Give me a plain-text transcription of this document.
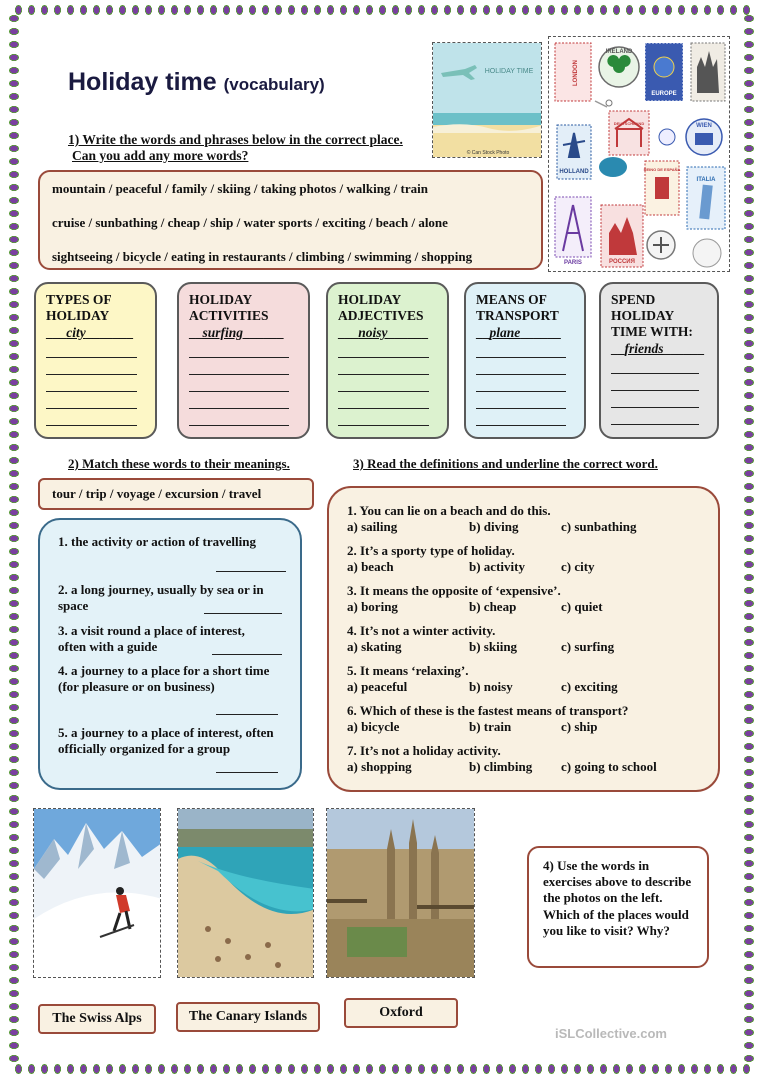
Holiday time (vocabulary)
HOLIDAY TIME
© Can Stock Photo
LONDON
IRELAND
EUROPE
HOLLAND
DEUTSCHLAND	WIEN
REINO DE ESPAÑA
ITALIA
PARIS	РОССИЯ
1) Write the words and phrases below in the correct place.
Can you add any more words?
mountain / peaceful / family / skiing / taking photos / walking / train
cruise / sunbathing / cheap / ship / water sports / exciting / beach / alone
sightseeing / bicycle / eating in restaurants / climbing / swimming / shopping
TYPES OF
HOLIDAY
___city_______
HOLIDAY
ACTIVITIES
__surfing______
HOLIDAY
ADJECTIVES
___noisy______
MEANS OF
TRANSPORT
__plane______
SPEND
HOLIDAY
TIME WITH:
__friends______
2) Match these words to their meanings.
tour / trip / voyage / excursion / travel
1. the activity or action of travelling
2. a long journey, usually by sea or in space
3. a visit round a place of interest, often with a guide
4. a journey to a place for a short time (for pleasure or on business)
5. a journey to a place of interest, often officially organized for a group
3) Read the definitions and underline the correct word.
1. You can lie on a beach and do this.
a) sailing	b) diving	c) sunbathing
2. It’s a sporty type of holiday.
a) beach	b) activity	c) city
3. It means the opposite of ‘expensive’.
a) boring	b) cheap	c) quiet
4. It’s not a winter activity.
a) skating	b) skiing	c) surfing
5. It means ‘relaxing’.
a) peaceful	b) noisy	c) exciting
6. Which of these is the fastest means of transport?
a) bicycle	b) train	c) ship
7. It’s not a holiday activity.
a) shopping	b) climbing	c) going to school
The Swiss Alps	The Canary Islands	Oxford
4) Use the words in exercises above to describe the photos on the left. Which of the places would you like to visit? Why?
iSLCollective.com
